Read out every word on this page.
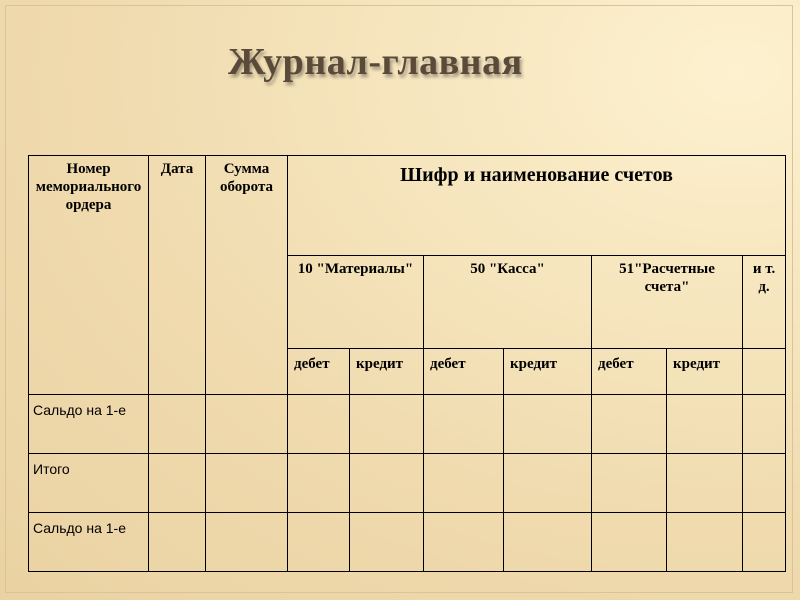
Журнал-главная
Номер мемориального ордера	Дата	Сумма оборота	Шифр и наименование счетов						
			10 "Материалы"		50 "Касса"		51"Расчетные счета"		и т. д.
			дебет	кредит	дебет	кредит	дебет	кредит	
Сальдо на 1-е									
Итого									
Сальдо на 1-е									
